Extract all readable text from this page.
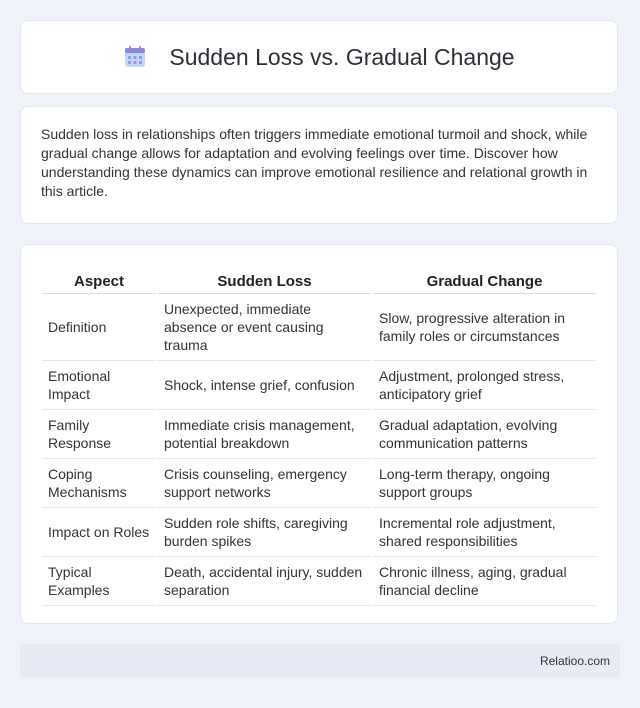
Sudden Loss vs. Gradual Change

Sudden loss in relationships often triggers immediate emotional turmoil and shock, while gradual change allows for adaptation and evolving feelings over time. Discover how understanding these dynamics can improve emotional resilience and relational growth in this article.

Aspect	Sudden Loss	Gradual Change
Definition	Unexpected, immediate absence or event causing trauma	Slow, progressive alteration in family roles or circumstances
Emotional Impact	Shock, intense grief, confusion	Adjustment, prolonged stress, anticipatory grief
Family Response	Immediate crisis management, potential breakdown	Gradual adaptation, evolving communication patterns
Coping Mechanisms	Crisis counseling, emergency support networks	Long-term therapy, ongoing support groups
Impact on Roles	Sudden role shifts, caregiving burden spikes	Incremental role adjustment, shared responsibilities
Typical Examples	Death, accidental injury, sudden separation	Chronic illness, aging, gradual financial decline
Relatioo.com
